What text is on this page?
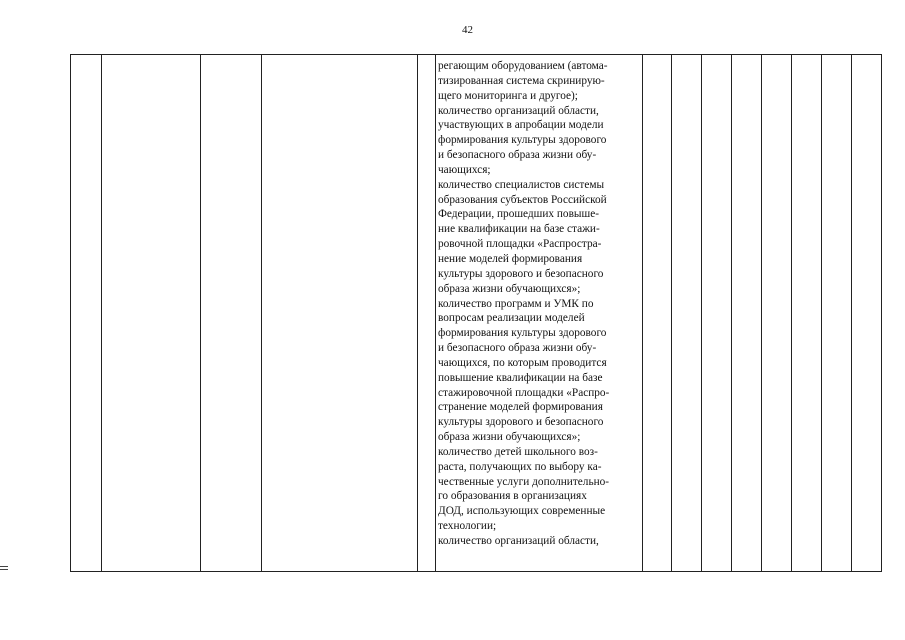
42
регающим оборудованием (автома-
тизированная система скринирую-
щего мониторинга и другое);
количество организаций области,
участвующих в апробации модели
формирования культуры здорового
и безопасного образа жизни обу-
чающихся;
количество специалистов системы
образования субъектов Российской
Федерации, прошедших повыше-
ние квалификации на базе стажи-
ровочной площадки «Распростра-
нение моделей формирования
культуры здорового и безопасного
образа жизни обучающихся»;
количество программ и УМК по
вопросам реализации моделей
формирования культуры здорового
и безопасного образа жизни обу-
чающихся, по которым проводится
повышение квалификации на базе
стажировочной площадки «Распро-
странение моделей формирования
культуры здорового и безопасного
образа жизни обучающихся»;
количество детей школьного воз-
раста, получающих по выбору ка-
чественные услуги дополнительно-
го образования в организациях
ДОД, использующих современные
технологии;
количество организаций области,
